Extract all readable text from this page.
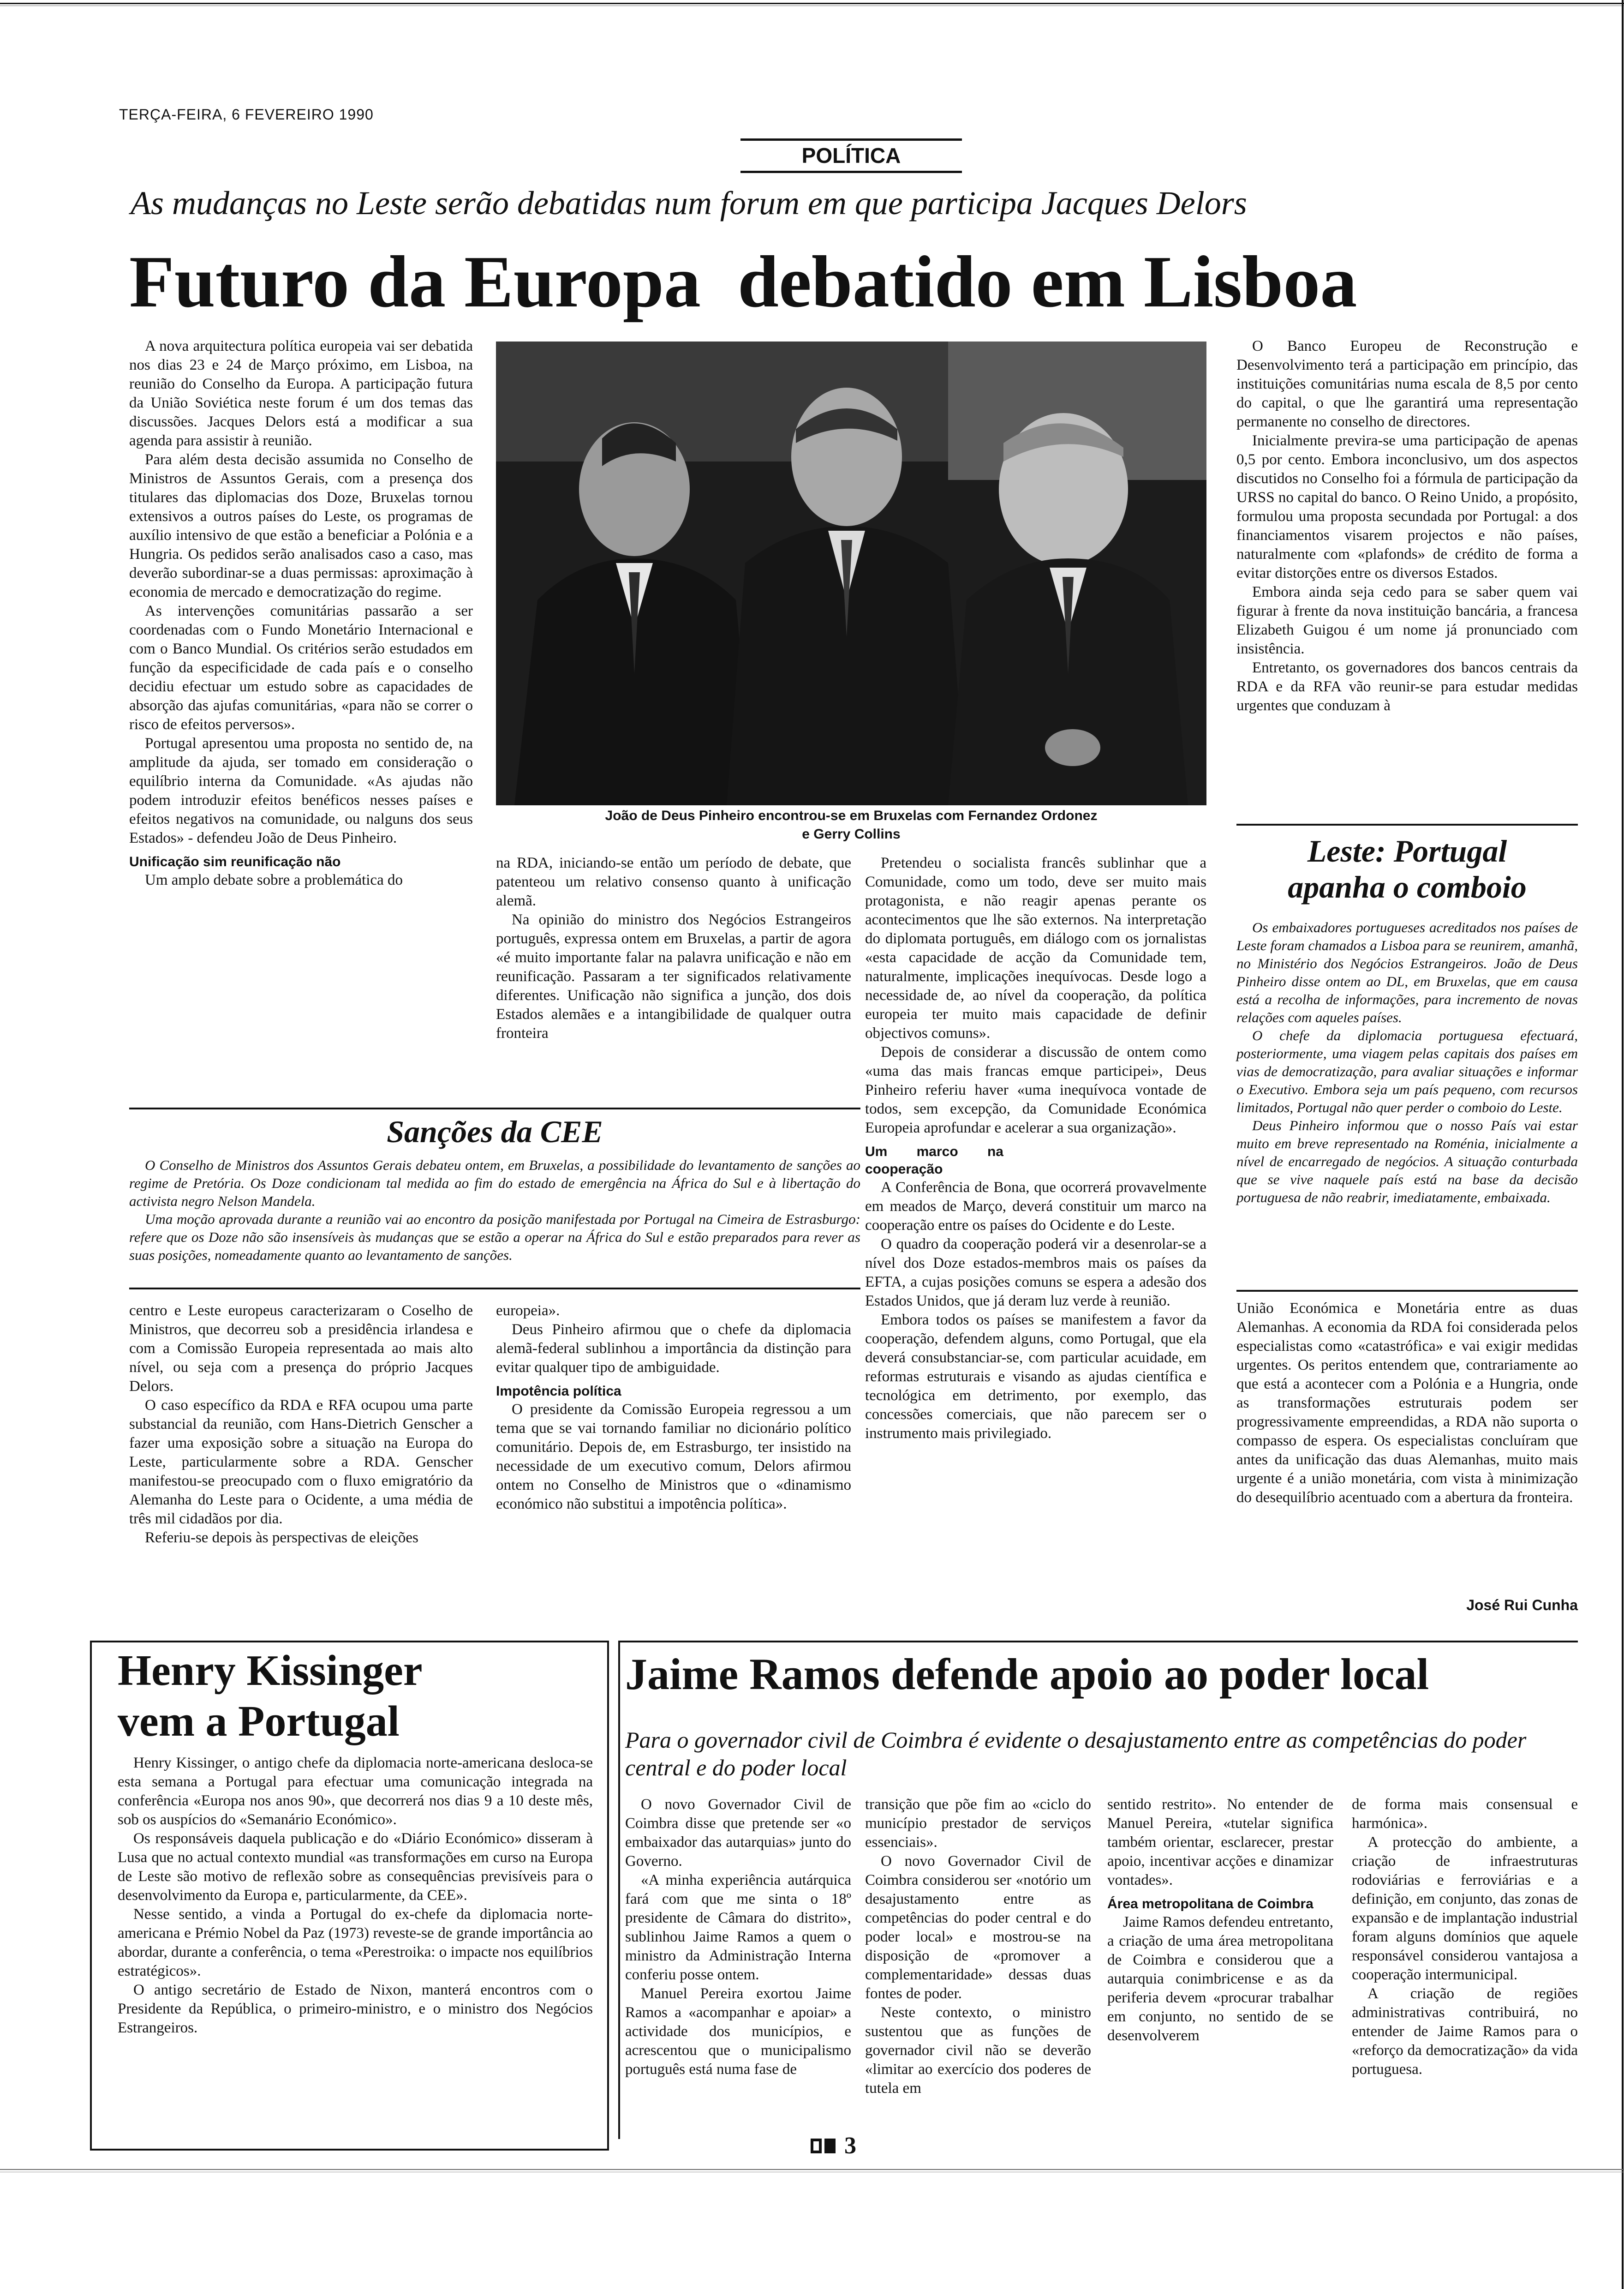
TERÇA-FEIRA, 6 FEVEREIRO 1990
POLÍTICA
As mudanças no Leste serão debatidas num forum em que participa Jacques Delors
Futuro da Europa  debatido em Lisboa

A nova arquitectura política europeia vai ser debatida nos dias 23 e 24 de Março próximo, em Lisboa, na reunião do Conselho da Europa. A participação futura da União Soviética neste forum é um dos temas das discussões. Jacques Delors está a modificar a sua agenda para assistir à reunião.

Para além desta decisão assumida no Conselho de Ministros de Assuntos Gerais, com a presença dos titulares das diplomacias dos Doze, Bruxelas tornou extensivos a outros países do Leste, os programas de auxílio intensivo de que estão a beneficiar a Polónia e a Hungria. Os pedidos serão analisados caso a caso, mas deverão subordinar-se a duas permissas: aproximação à economia de mercado e democratização do regime.

As intervenções comunitárias passarão a ser coordenadas com o Fundo Monetário Internacional e com o Banco Mundial. Os critérios serão estudados em função da especificidade de cada país e o conselho decidiu efectuar um estudo sobre as capacidades de absorção das ajufas comunitárias, «para não se correr o risco de efeitos perversos».

Portugal apresentou uma proposta no sentido de, na amplitude da ajuda, ser tomado em consideração o equilíbrio interna da Comunidade. «As ajudas não podem introduzir efeitos benéficos nesses países e efeitos negativos na comunidade, ou nalguns dos seus Estados» - defendeu João de Deus Pinheiro.

Unificação sim reunificação não

Um amplo debate sobre a problemática do

João de Deus Pinheiro encontrou-se em Bruxelas com Fernandez Ordonez
e Gerry Collins

na RDA, iniciando-se então um período de debate, que patenteou um relativo consenso quanto à unificação alemã.

Na opinião do ministro dos Negócios Estrangeiros português, expressa ontem em Bruxelas, a partir de agora «é muito importante falar na palavra unificação e não em reunificação. Passaram a ter significados relativamente diferentes. Unificação não significa a junção, dos dois Estados alemães e a intangibilidade de qualquer outra fronteira

Pretendeu o socialista francês sublinhar que a Comunidade, como um todo, deve ser muito mais protagonista, e não reagir apenas perante os acontecimentos que lhe são externos. Na interpretação do diplomata português, em diálogo com os jornalistas «esta capacidade de acção da Comunidade tem, naturalmente, implicações inequívocas. Desde logo a necessidade de, ao nível da cooperação, da política europeia ter muito mais capacidade de definir objectivos comuns».

Depois de considerar a discussão de ontem como «uma das mais francas emque participei», Deus Pinheiro referiu haver «uma inequívoca vontade de todos, sem excepção, da Comunidade Económica Europeia aprofundar e acelerar a sua organização».

Um marco na cooperação

A Conferência de Bona, que ocorrerá provavelmente em meados de Março, deverá constituir um marco na cooperação entre os países do Ocidente e do Leste.

O quadro da cooperação poderá vir a desenrolar-se a nível dos Doze estados-membros mais os países da EFTA, a cujas posições comuns se espera a adesão dos Estados Unidos, que já deram luz verde à reunião.

Embora todos os países se manifestem a favor da cooperação, defendem alguns, como Portugal, que ela deverá consubstanciar-se, com particular acuidade, em reformas estruturais e visando as ajudas científica e tecnológica em detrimento, por exemplo, das concessões comerciais, que não parecem ser o instrumento mais privilegiado.

O Banco Europeu de Reconstrução e Desenvolvimento terá a participação em princípio, das instituições comunitárias numa escala de 8,5 por cento do capital, o que lhe garantirá uma representação permanente no conselho de directores.

Inicialmente previra-se uma participação de apenas 0,5 por cento. Embora inconclusivo, um dos aspectos discutidos no Conselho foi a fórmula de participação da URSS no capital do banco. O Reino Unido, a propósito, formulou uma proposta secundada por Portugal: a dos financiamentos visarem projectos e não países, naturalmente com «plafonds» de crédito de forma a evitar distorções entre os diversos Estados.

Embora ainda seja cedo para se saber quem vai figurar à frente da nova instituição bancária, a francesa Elizabeth Guigou é um nome já pronunciado com insistência.

Entretanto, os governadores dos bancos centrais da RDA e da RFA vão reunir-se para estudar medidas urgentes que conduzam à

Leste: Portugal
apanha o comboio

Os embaixadores portugueses acreditados nos países de Leste foram chamados a Lisboa para se reunirem, amanhã, no Ministério dos Negócios Estrangeiros. João de Deus Pinheiro disse ontem ao DL, em Bruxelas, que em causa está a recolha de informações, para incremento de novas relações com aqueles países.

O chefe da diplomacia portuguesa efectuará, posteriormente, uma viagem pelas capitais dos países em vias de democratização, para avaliar situações e informar o Executivo. Embora seja um país pequeno, com recursos limitados, Portugal não quer perder o comboio do Leste.

Deus Pinheiro informou que o nosso País vai estar muito em breve representado na Roménia, inicialmente a nível de encarregado de negócios. A situação conturbada que se vive naquele país está na base da decisão portuguesa de não reabrir, imediatamente, embaixada.

União Económica e Monetária entre as duas Alemanhas. A economia da RDA foi considerada pelos especialistas como «catastrófica» e vai exigir medidas urgentes. Os peritos entendem que, contrariamente ao que está a acontecer com a Polónia e a Hungria, onde as transformações estruturais podem ser progressivamente empreendidas, a RDA não suporta o compasso de espera. Os especialistas concluíram que antes da unificação das duas Alemanhas, muito mais urgente é a união monetária, com vista à minimização do desequilíbrio acentuado com a abertura da fronteira.

José Rui Cunha
Sanções da CEE

O Conselho de Ministros dos Assuntos Gerais debateu ontem, em Bruxelas, a possibilidade do levantamento de sanções ao regime de Pretória. Os Doze condicionam tal medida ao fim do estado de emergência na África do Sul e à libertação do activista negro Nelson Mandela.

Uma moção aprovada durante a reunião vai ao encontro da posição manifestada por Portugal na Cimeira de Estrasburgo: refere que os Doze não são insensíveis às mudanças que se estão a operar na África do Sul e estão preparados para rever as suas posições, nomeadamente quanto ao levantamento de sanções.

centro e Leste europeus caracterizaram o Coselho de Ministros, que decorreu sob a presidência irlandesa e com a Comissão Europeia representada ao mais alto nível, ou seja com a presença do próprio Jacques Delors.

O caso específico da RDA e RFA ocupou uma parte substancial da reunião, com Hans-Dietrich Genscher a fazer uma exposição sobre a situação na Europa do Leste, particularmente sobre a RDA. Genscher manifestou-se preocupado com o fluxo emigratório da Alemanha do Leste para o Ocidente, a uma média de três mil cidadãos por dia.

Referiu-se depois às perspectivas de eleições

europeia».

Deus Pinheiro afirmou que o chefe da diplomacia alemã-federal sublinhou a importância da distinção para evitar qualquer tipo de ambiguidade.

Impotência política

O presidente da Comissão Europeia regressou a um tema que se vai tornando familiar no dicionário político comunitário. Depois de, em Estrasburgo, ter insistido na necessidade de um executivo comum, Delors afirmou ontem no Conselho de Ministros que o «dinamismo económico não substitui a impotência política».

Henry Kissinger
vem a Portugal

Henry Kissinger, o antigo chefe da diplomacia norte-americana desloca-se esta semana a Portugal para efectuar uma comunicação integrada na conferência «Europa nos anos 90», que decorrerá nos dias 9 a 10 deste mês, sob os auspícios do «Semanário Económico».

Os responsáveis daquela publicação e do «Diário Económico» disseram à Lusa que no actual contexto mundial «as transformações em curso na Europa de Leste são motivo de reflexão sobre as consequências previsíveis para o desenvolvimento da Europa e, particularmente, da CEE».

Nesse sentido, a vinda a Portugal do ex-chefe da diplomacia norte-americana e Prémio Nobel da Paz (1973) reveste-se de grande importância ao abordar, durante a conferência, o tema «Perestroika: o impacte nos equilíbrios estratégicos».

O antigo secretário de Estado de Nixon, manterá encontros com o Presidente da República, o primeiro-ministro, e o ministro dos Negócios Estrangeiros.

Jaime Ramos defende apoio ao poder local
Para o governador civil de Coimbra é evidente o desajustamento entre as competências do poder central e do poder local

O novo Governador Civil de Coimbra disse que pretende ser «o embaixador das autarquias» junto do Governo.

«A minha experiência autárquica fará com que me sinta o 18º presidente de Câmara do distrito», sublinhou Jaime Ramos a quem o ministro da Administração Interna conferiu posse ontem.

Manuel Pereira exortou Jaime Ramos a «acompanhar e apoiar» a actividade dos municípios, e acrescentou que o municipalismo português está numa fase de

transição que põe fim ao «ciclo do município prestador de serviços essenciais».

O novo Governador Civil de Coimbra considerou ser «notório um desajustamento entre as competências do poder central e do poder local» e mostrou-se na disposição de «promover a complementaridade» dessas duas fontes de poder.

Neste contexto, o ministro sustentou que as funções de governador civil não se deverão «limitar ao exercício dos poderes de tutela em

sentido restrito». No entender de Manuel Pereira, «tutelar significa também orientar, esclarecer, prestar apoio, incentivar acções e dinamizar vontades».

Área metropolitana de Coimbra

Jaime Ramos defendeu entretanto, a criação de uma área metropolitana de Coimbra e considerou que a autarquia conimbricense e as da periferia devem «procurar trabalhar em conjunto, no sentido de se desenvolverem

de forma mais consensual e harmónica».

A protecção do ambiente, a criação de infraestruturas rodoviárias e ferroviárias e a definição, em conjunto, das zonas de expansão e de implantação industrial foram alguns domínios que aquele responsável considerou vantajosa a cooperação intermunicipal.

A criação de regiões administrativas contribuirá, no entender de Jaime Ramos para o «reforço da democratização» da vida portuguesa.

3
